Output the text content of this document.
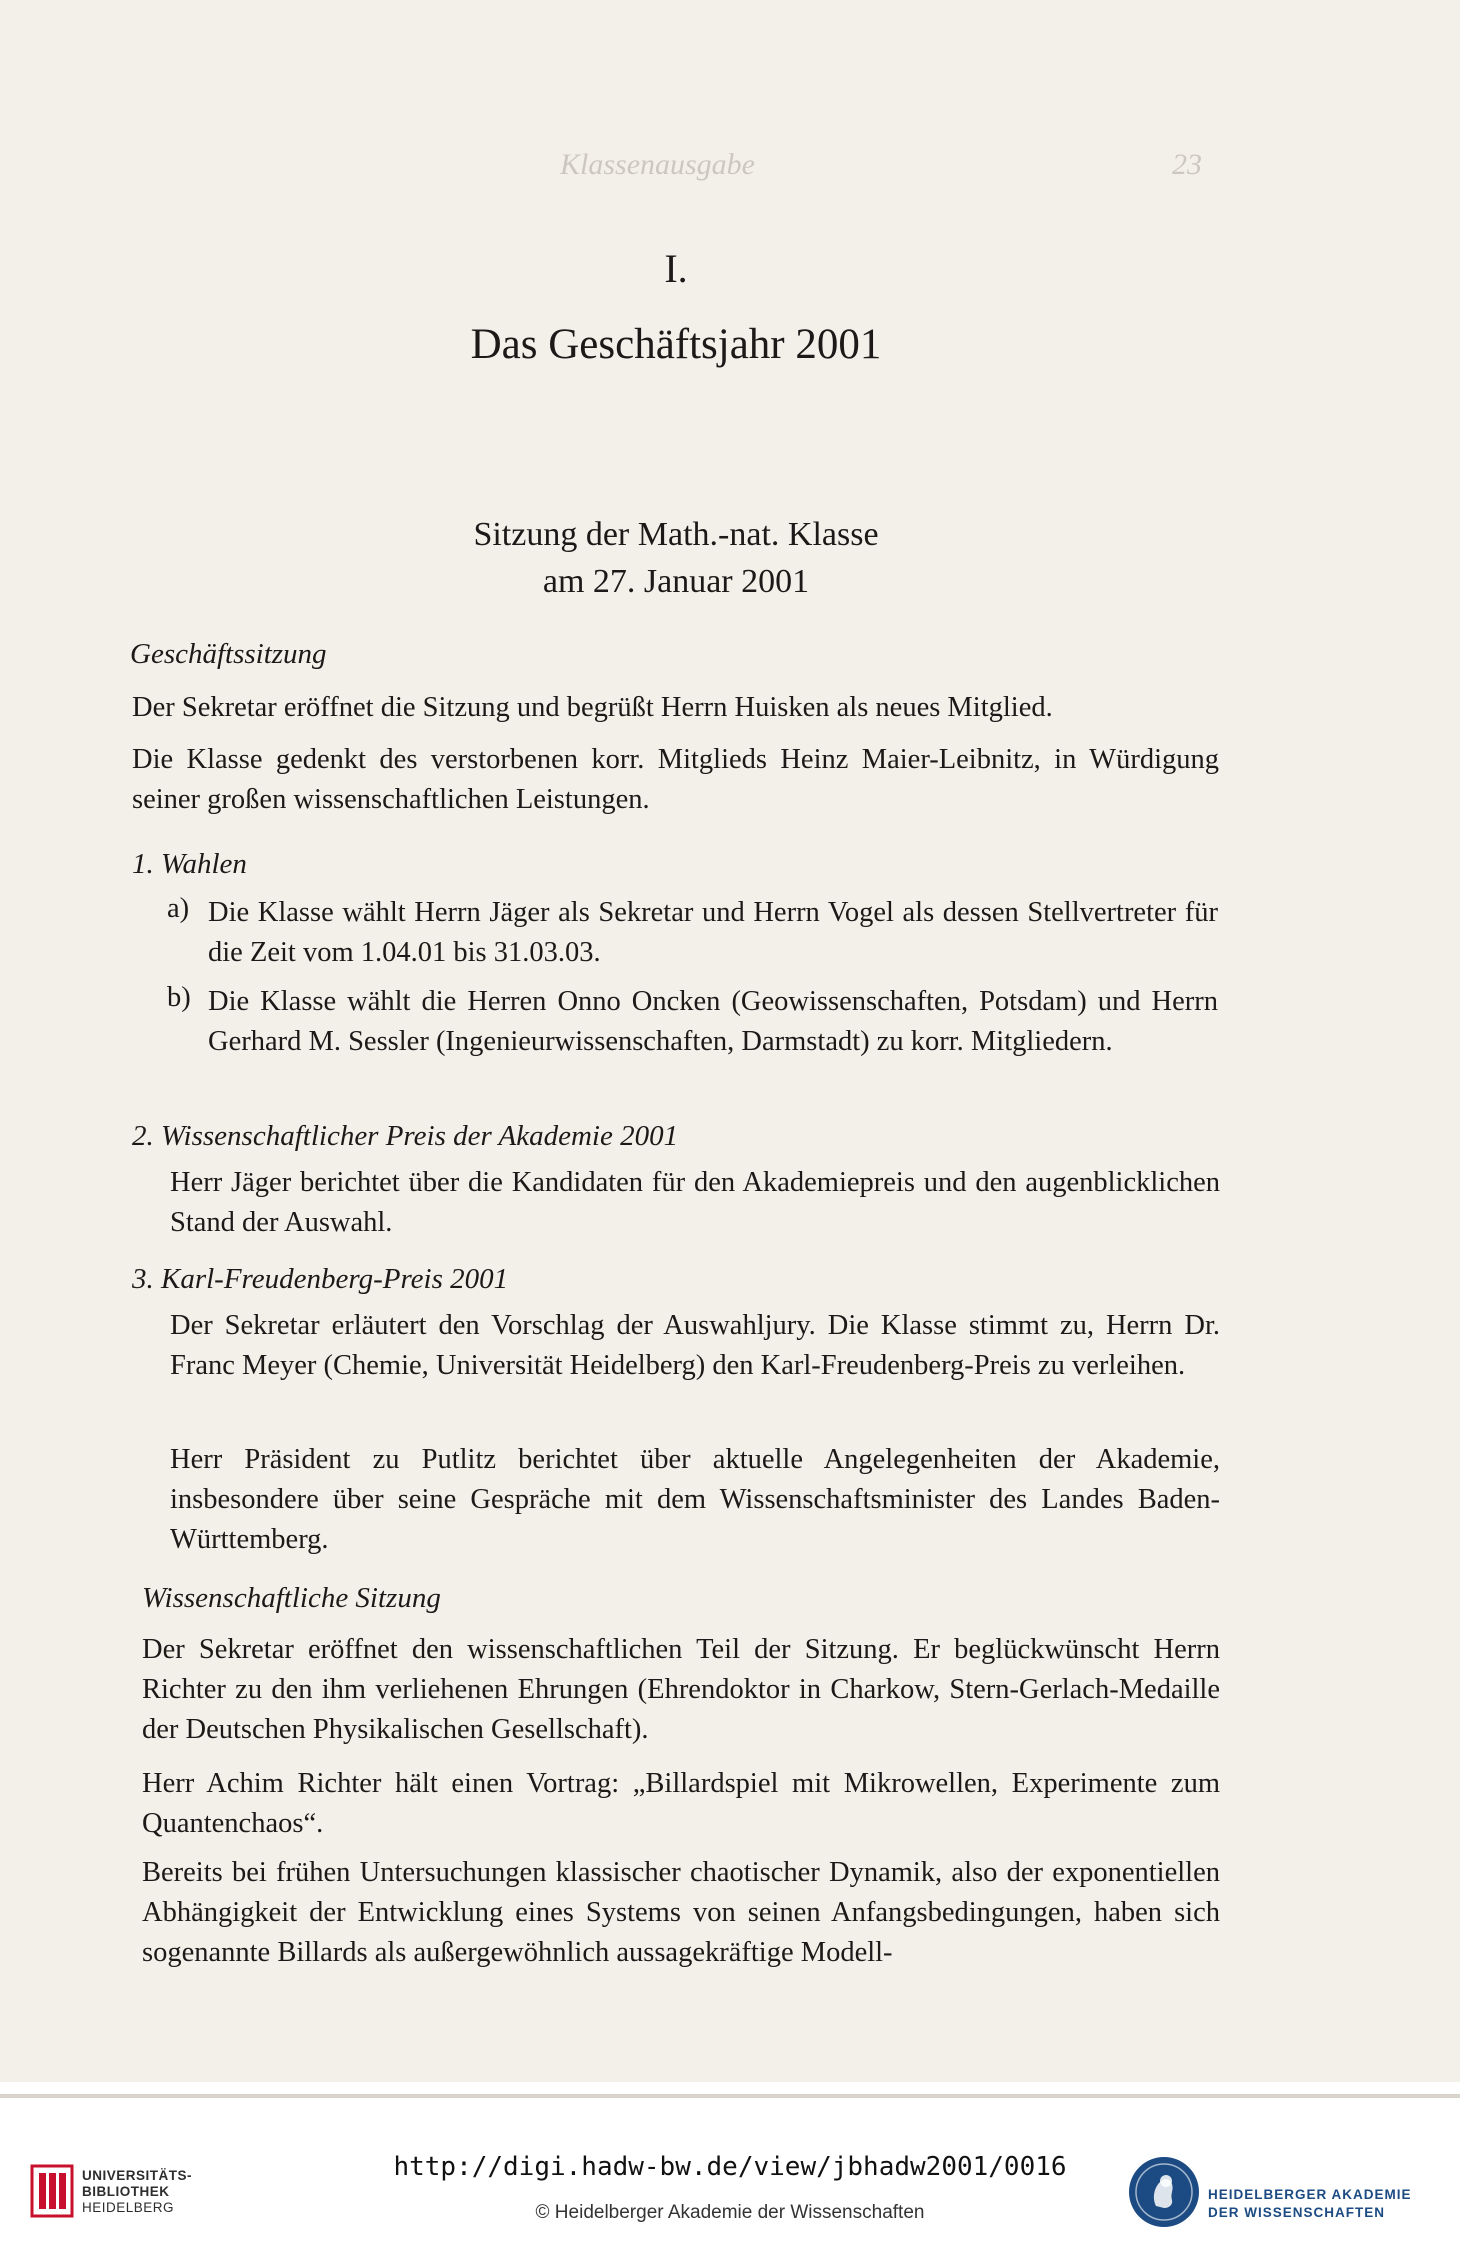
Klassenausgabe	23
I.
Das Geschäftsjahr 2001
Sitzung der Math.-nat. Klasse
am 27. Januar 2001
Geschäftssitzung

Der Sekretar eröffnet die Sitzung und begrüßt Herrn Huisken als neues Mitglied.

Die Klasse gedenkt des verstorbenen korr. Mitglieds Heinz Maier-Leibnitz, in Würdigung seiner großen wissenschaftlichen Leistungen.

1. Wahlen
a) Die Klasse wählt Herrn Jäger als Sekretar und Herrn Vogel als dessen Stellvertreter für die Zeit vom 1.04.01 bis 31.03.03.

b) Die Klasse wählt die Herren Onno Oncken (Geowissenschaften, Potsdam) und Herrn Gerhard M. Sessler (Ingenieurwissenschaften, Darmstadt) zu korr. Mitgliedern.

2. Wissenschaftlicher Preis der Akademie 2001

Herr Jäger berichtet über die Kandidaten für den Akademiepreis und den augenblicklichen Stand der Auswahl.

3. Karl-Freudenberg-Preis 2001

Der Sekretar erläutert den Vorschlag der Auswahljury. Die Klasse stimmt zu, Herrn Dr. Franc Meyer (Chemie, Universität Heidelberg) den Karl-Freudenberg-Preis zu verleihen.

Herr Präsident zu Putlitz berichtet über aktuelle Angelegenheiten der Akademie, insbesondere über seine Gespräche mit dem Wissenschaftsminister des Landes Baden-Württemberg.

Wissenschaftliche Sitzung

Der Sekretar eröffnet den wissenschaftlichen Teil der Sitzung. Er beglückwünscht Herrn Richter zu den ihm verliehenen Ehrungen (Ehrendoktor in Charkow, Stern-Gerlach-Medaille der Deutschen Physikalischen Gesellschaft).

Herr Achim Richter hält einen Vortrag: „Billardspiel mit Mikrowellen, Experimente zum Quantenchaos“.

Bereits bei frühen Untersuchungen klassischer chaotischer Dynamik, also der exponentiellen Abhängigkeit der Entwicklung eines Systems von seinen Anfangsbedingungen, haben sich sogenannte Billards als außergewöhnlich aussagekräftige Modell-

UNIVERSITÄTS-
BIBLIOTHEK
HEIDELBERG
http://digi.hadw-bw.de/view/jbhadw2001/0016
© Heidelberger Akademie der Wissenschaften
HEIDELBERGER AKADEMIE
DER WISSENSCHAFTEN
